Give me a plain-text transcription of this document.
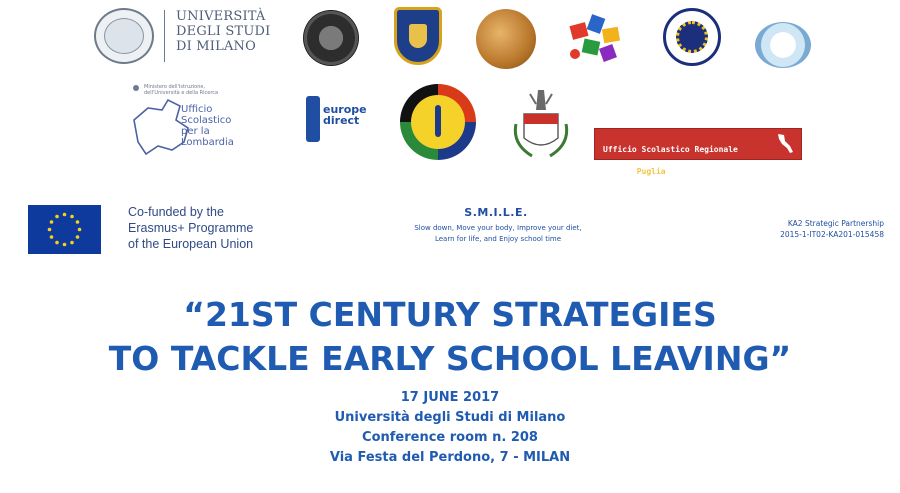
UNIVERSITÀ
DEGLI STUDI
DI MILANO
Ministero dell'Istruzione,
dell'Università e della Ricerca
Ufficio
Scolastico
per la
Lombardia
europe
direct

Ufficio Scolastico Regionale

per la Puglia

Co-funded by the
Erasmus+ Programme
of the European Union
S.M.I.L.E.
Slow down, Move your body, Improve your diet,
Learn for life, and Enjoy school time
KA2 Strategic Partnership
2015-1-IT02-KA201-015458
“21ST CENTURY STRATEGIES
TO TACKLE EARLY SCHOOL LEAVING”
17 JUNE 2017
Università degli Studi di Milano
Conference room n. 208
Via Festa del Perdono, 7 - MILAN
